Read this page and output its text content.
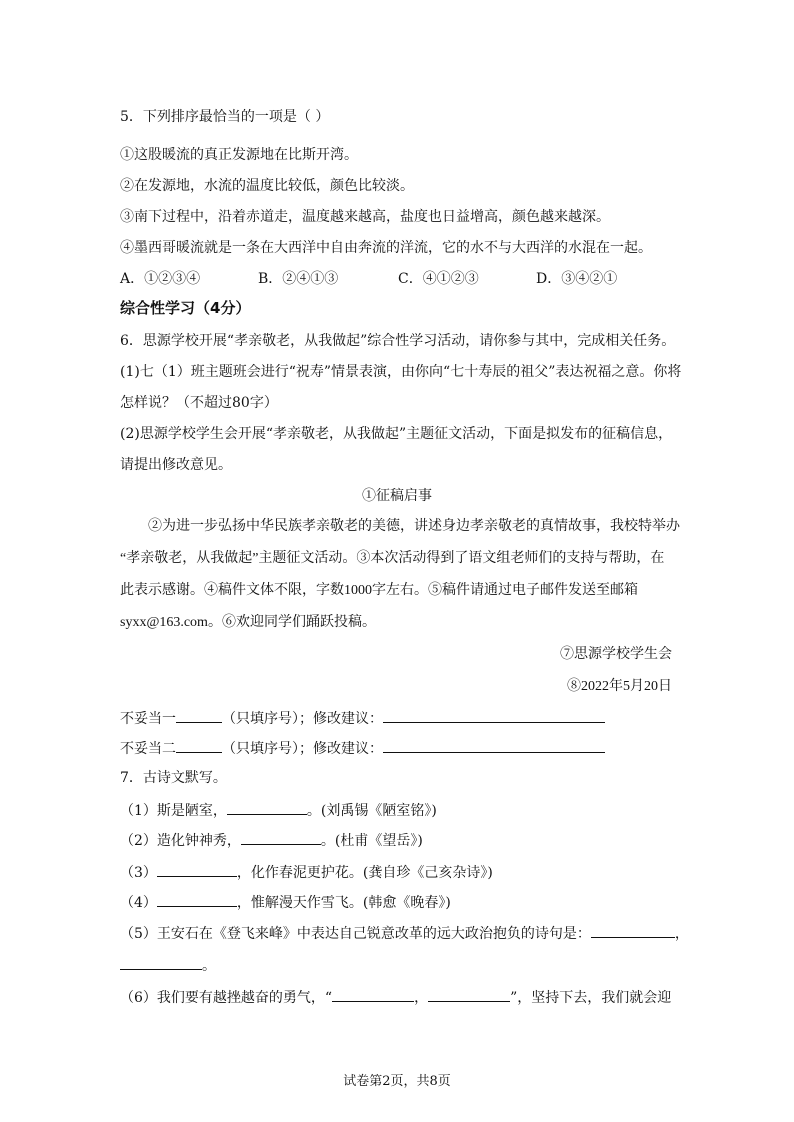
5．下列排序最恰当的一项是（ ）
①这股暖流的真正发源地在比斯开湾。
②在发源地，水流的温度比较低，颜色比较淡。
③南下过程中，沿着赤道走，温度越来越高，盐度也日益增高，颜色越来越深。
④墨西哥暖流就是一条在大西洋中自由奔流的洋流，它的水不与大西洋的水混在一起。
A．①②③④	B．②④①③	C．④①②③	D．③④②①
综合性学习（4分）
6．思源学校开展“孝亲敬老，从我做起”综合性学习活动，请你参与其中，完成相关任务。
(1)七（1）班主题班会进行“祝寿”情景表演，由你向“七十寿辰的祖父”表达祝福之意。你将
怎样说？（不超过80字）
(2)思源学校学生会开展“孝亲敬老，从我做起”主题征文活动，下面是拟发布的征稿信息，
请提出修改意见。
①征稿启事
②为进一步弘扬中华民族孝亲敬老的美德，讲述身边孝亲敬老的真情故事，我校特举办
“孝亲敬老，从我做起”主题征文活动。③本次活动得到了语文组老师们的支持与帮助，在
此表示感谢。④稿件文体不限，字数1000字左右。⑤稿件请通过电子邮件发送至邮箱
syxx@163.com。⑥欢迎同学们踊跃投稿。
⑦思源学校学生会
⑧2022年5月20日
不妥当一	（只填序号）；修改建议：
不妥当二	（只填序号）；修改建议：
7．古诗文默写。
（1）斯是陋室，	。(刘禹锡《陋室铭》)
（2）造化钟神秀，	。(杜甫《望岳》)
（3）	，化作春泥更护花。(龚自珍《己亥杂诗》)
（4）	，惟解漫天作雪飞。(韩愈《晚春》)
（5）王安石在《登飞来峰》中表达自己锐意改革的远大政治抱负的诗句是：	，
。
（6）我们要有越挫越奋的勇气，“	，	”，坚持下去，我们就会迎
试卷第2页，共8页
